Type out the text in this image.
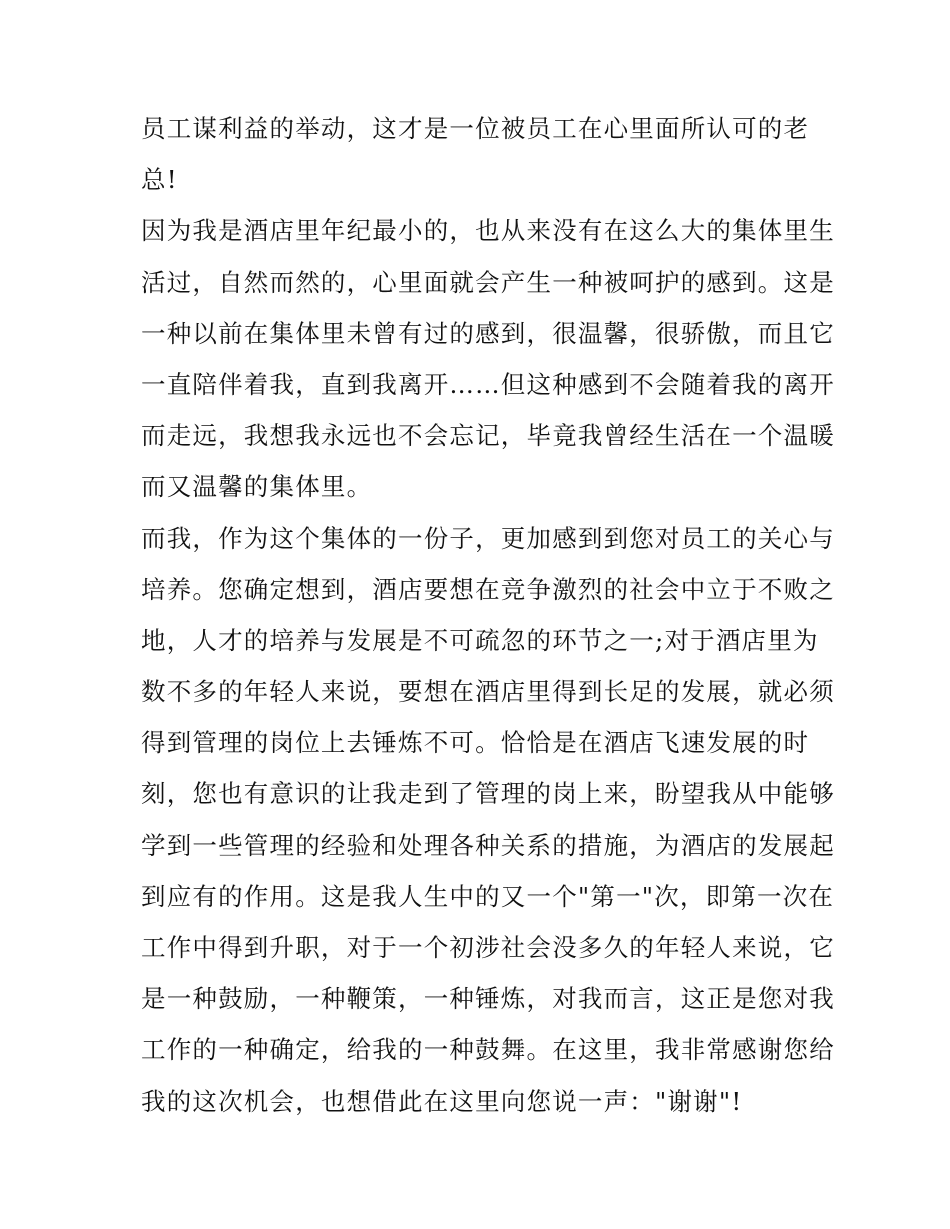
员工谋利益的举动，这才是一位被员工在心里面所认可的老
总!
因为我是酒店里年纪最小的，也从来没有在这么大的集体里生
活过，自然而然的，心里面就会产生一种被呵护的感到。这是
一种以前在集体里未曾有过的感到，很温馨，很骄傲，而且它
一直陪伴着我，直到我离开……但这种感到不会随着我的离开
而走远，我想我永远也不会忘记，毕竟我曾经生活在一个温暖
而又温馨的集体里。
而我，作为这个集体的一份子，更加感到到您对员工的关心与
培养。您确定想到，酒店要想在竞争激烈的社会中立于不败之
地，人才的培养与发展是不可疏忽的环节之一;对于酒店里为
数不多的年轻人来说，要想在酒店里得到长足的发展，就必须
得到管理的岗位上去锤炼不可。恰恰是在酒店飞速发展的时
刻，您也有意识的让我走到了管理的岗上来，盼望我从中能够
学到一些管理的经验和处理各种关系的措施，为酒店的发展起
到应有的作用。这是我人生中的又一个"第一"次，即第一次在
工作中得到升职，对于一个初涉社会没多久的年轻人来说，它
是一种鼓励，一种鞭策，一种锤炼，对我而言，这正是您对我
工作的一种确定，给我的一种鼓舞。在这里，我非常感谢您给
我的这次机会，也想借此在这里向您说一声："谢谢"!
